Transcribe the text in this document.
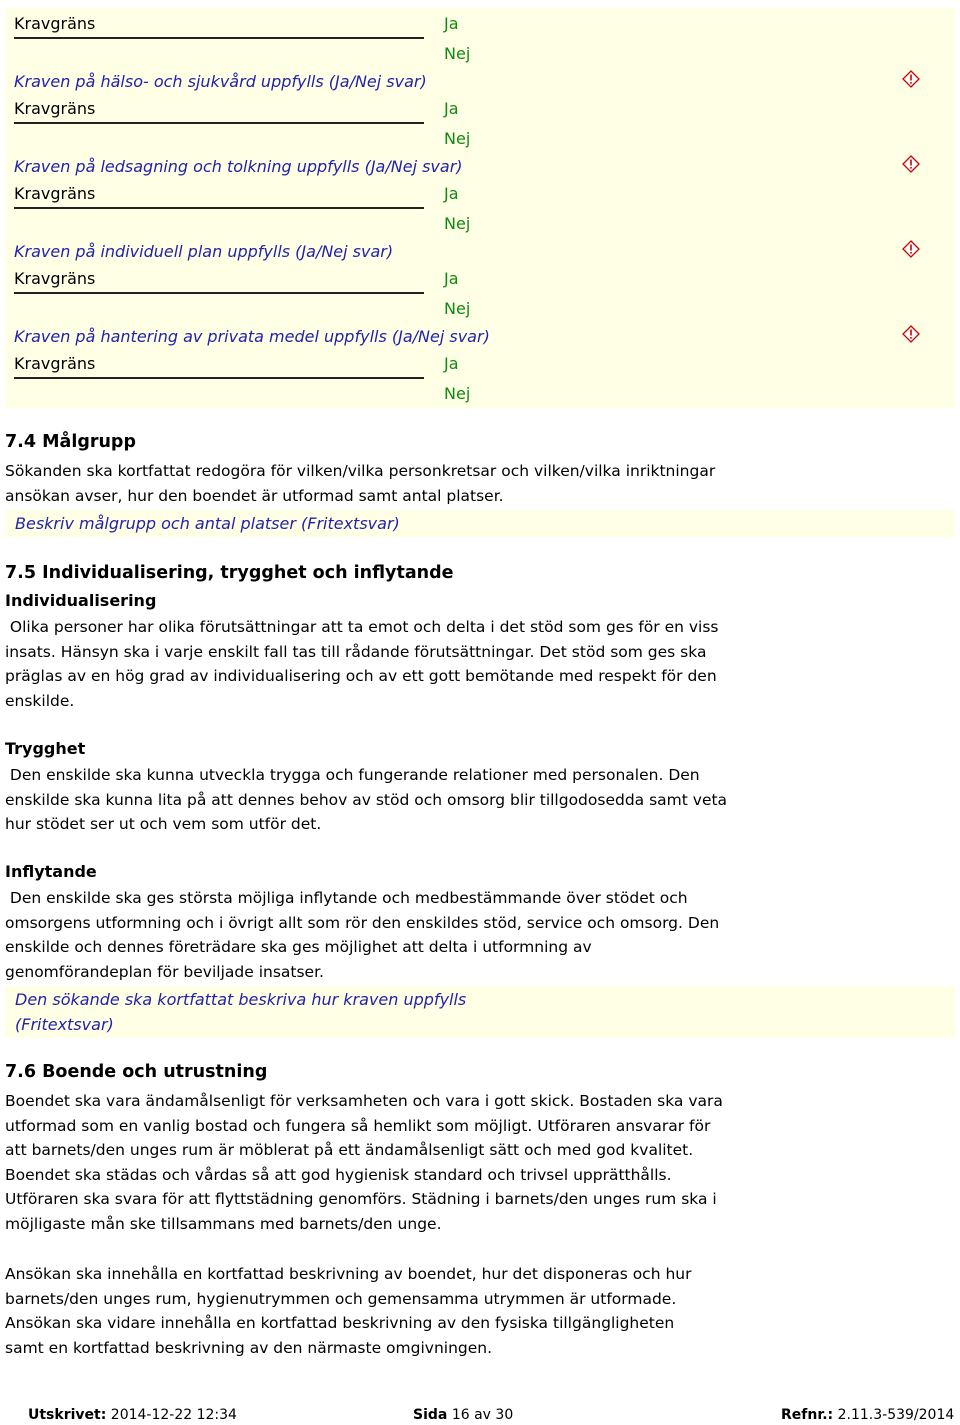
Kravgräns	Ja
Nej
Kraven på hälso- och sjukvård uppfylls (Ja/Nej svar)
Kravgräns	Ja
Nej
Kraven på ledsagning och tolkning uppfylls (Ja/Nej svar)
Kravgräns	Ja
Nej
Kraven på individuell plan uppfylls (Ja/Nej svar)
Kravgräns	Ja
Nej
Kraven på hantering av privata medel uppfylls (Ja/Nej svar)
Kravgräns	Ja
Nej
7.4 Målgrupp
Sökanden ska kortfattat redogöra för vilken/vilka personkretsar och vilken/vilka inriktningar
ansökan avser, hur den boendet är utformad samt antal platser.
Beskriv målgrupp och antal platser (Fritextsvar)
7.5 Individualisering, trygghet och inflytande
Individualisering
Olika personer har olika förutsättningar att ta emot och delta i det stöd som ges för en viss
insats. Hänsyn ska i varje enskilt fall tas till rådande förutsättningar. Det stöd som ges ska
präglas av en hög grad av individualisering och av ett gott bemötande med respekt för den
enskilde.
Trygghet
Den enskilde ska kunna utveckla trygga och fungerande relationer med personalen. Den
enskilde ska kunna lita på att dennes behov av stöd och omsorg blir tillgodosedda samt veta
hur stödet ser ut och vem som utför det.
Inflytande
Den enskilde ska ges största möjliga inflytande och medbestämmande över stödet och
omsorgens utformning och i övrigt allt som rör den enskildes stöd, service och omsorg. Den
enskilde och dennes företrädare ska ges möjlighet att delta i utformning av
genomförandeplan för beviljade insatser.
Den sökande ska kortfattat beskriva hur kraven uppfylls
(Fritextsvar)
7.6 Boende och utrustning
Boendet ska vara ändamålsenligt för verksamheten och vara i gott skick. Bostaden ska vara
utformad som en vanlig bostad och fungera så hemlikt som möjligt. Utföraren ansvarar för
att barnets/den unges rum är möblerat på ett ändamålsenligt sätt och med god kvalitet.
Boendet ska städas och vårdas så att god hygienisk standard och trivsel upprätthålls.
Utföraren ska svara för att flyttstädning genomförs. Städning i barnets/den unges rum ska i
möjligaste mån ske tillsammans med barnets/den unge.
Ansökan ska innehålla en kortfattad beskrivning av boendet, hur det disponeras och hur
barnets/den unges rum, hygienutrymmen och gemensamma utrymmen är utformade.
Ansökan ska vidare innehålla en kortfattad beskrivning av den fysiska tillgängligheten
samt en kortfattad beskrivning av den närmaste omgivningen.
Utskrivet: 2014-12-22 12:34	Sida 16 av 30	Refnr.: 2.11.3-539/2014
